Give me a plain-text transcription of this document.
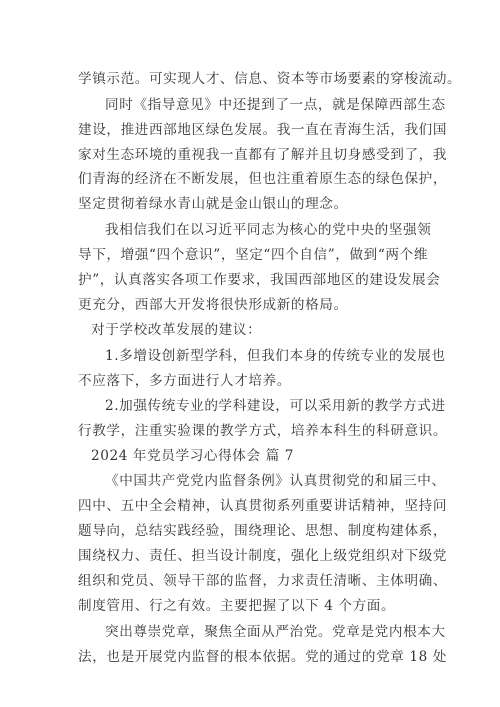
学镇示范。可实现人才、信息、资本等市场要素的穿梭流动。
同时《指导意见》中还提到了一点，就是保障西部生态
建设，推进西部地区绿色发展。我一直在青海生活，我们国
家对生态环境的重视我一直都有了解并且切身感受到了，我
们青海的经济在不断发展，但也注重着原生态的绿色保护，
坚定贯彻着绿水青山就是金山银山的理念。
我相信我们在以习近平同志为核心的党中央的坚强领
导下，增强“四个意识”，坚定“四个自信”，做到“两个维
护”，认真落实各项工作要求，我国西部地区的建设发展会
更充分，西部大开发将很快形成新的格局。
对于学校改革发展的建议：
1.多增设创新型学科，但我们本身的传统专业的发展也
不应落下，多方面进行人才培养。
2.加强传统专业的学科建设，可以采用新的教学方式进
行教学，注重实验课的教学方式，培养本科生的科研意识。
2024 年党员学习心得体会 篇 7
《中国共产党党内监督条例》认真贯彻党的和届三中、
四中、五中全会精神，认真贯彻系列重要讲话精神，坚持问
题导向，总结实践经验，围绕理论、思想、制度构建体系，
围绕权力、责任、担当设计制度，强化上级党组织对下级党
组织和党员、领导干部的监督，力求责任清晰、主体明确、
制度管用、行之有效。主要把握了以下 4 个方面。
突出尊崇党章，聚焦全面从严治党。党章是党内根本大
法，也是开展党内监督的根本依据。党的通过的党章 18 处
